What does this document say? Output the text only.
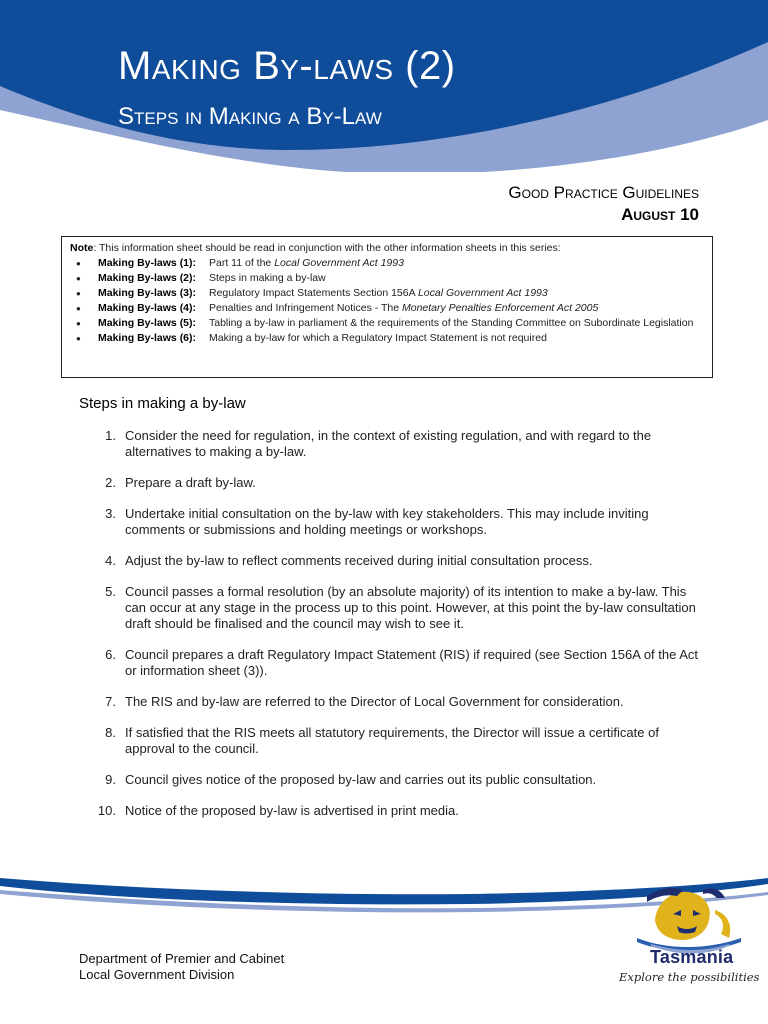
Making By-laws (2)
Steps in Making a By-Law
Good Practice Guidelines
August 10
Note: This information sheet should be read in conjunction with the other information sheets in this series:
●
Making By-laws (1):	Part 11 of the Local Government Act 1993
●
Making By-laws (2):	Steps in making a by-law
●
Making By-laws (3):	Regulatory Impact Statements Section 156A Local Government Act 1993
●
Making By-laws (4):	Penalties and Infringement Notices - The Monetary Penalties Enforcement Act 2005
●
Making By-laws (5):	Tabling a by-law in parliament & the requirements of the Standing Committee on Subordinate Legislation
●
Making By-laws (6):	Making a by-law for which a Regulatory Impact Statement is not required
Steps in making a by-law
1. Consider the need for regulation, in the context of existing regulation, and with regard to the alternatives to making a by-law.
2. Prepare a draft by-law.
3. Undertake initial consultation on the by-law with key stakeholders. This may include inviting comments or submissions and holding meetings or workshops.
4. Adjust the by-law to reflect comments received during initial consultation process.
5. Council passes a formal resolution (by an absolute majority) of its intention to make a by-law. This can occur at any stage in the process up to this point. However, at this point the by-law consultation draft should be finalised and the council may wish to see it.
6. Council prepares a draft Regulatory Impact Statement (RIS) if required (see Section 156A of the Act or information sheet (3)).
7. The RIS and by-law are referred to the Director of Local Government for consideration.
8. If satisfied that the RIS meets all statutory requirements, the Director will issue a certificate of approval to the council.
9. Council gives notice of the proposed by-law and carries out its public consultation.
10. Notice of the proposed by-law is advertised in print media.
Department of Premier and Cabinet
Local Government Division
Tasmania
Explore the possibilities
